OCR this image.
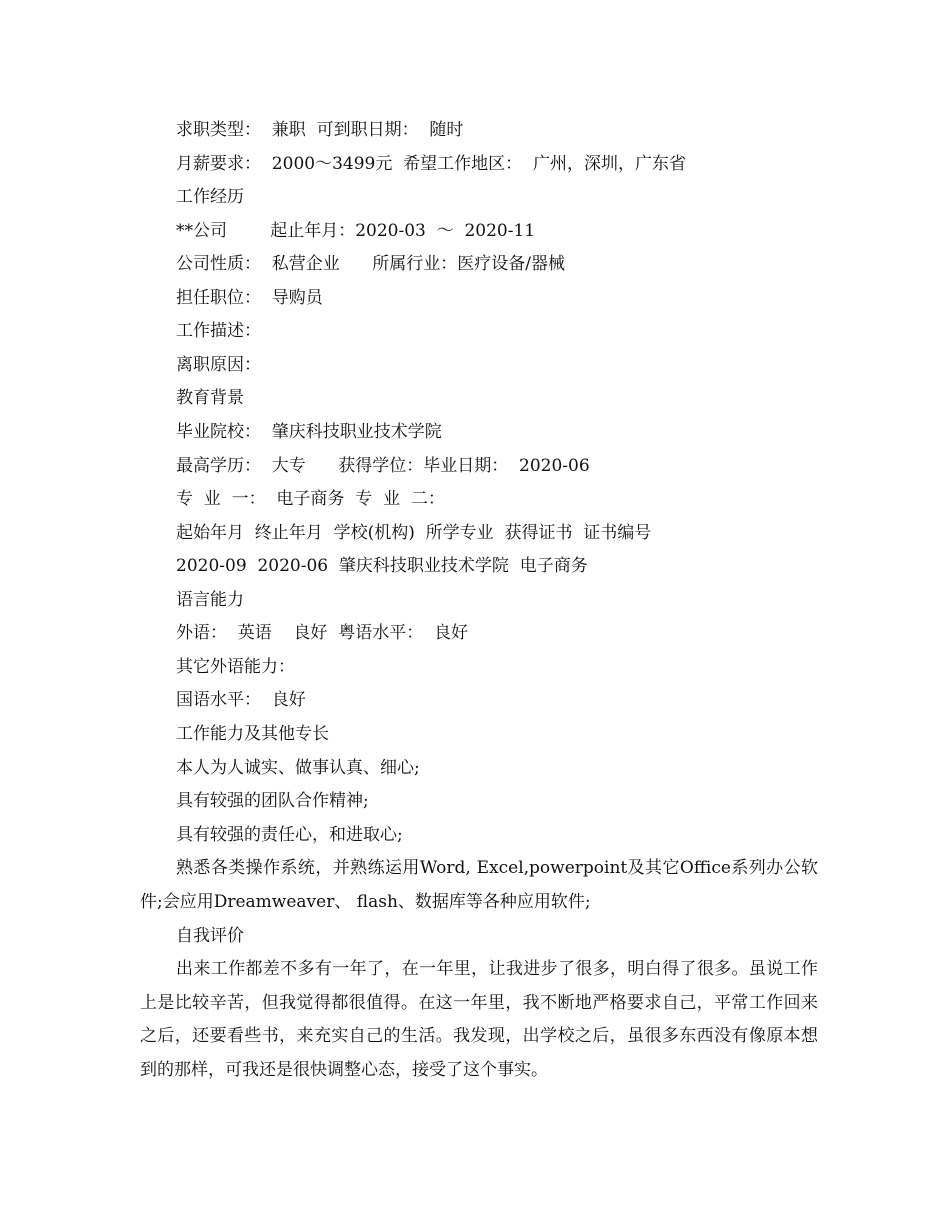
求职类型：  兼职  可到职日期：  随时
月薪要求：  2000～3499元  希望工作地区：  广州，深圳，广东省
工作经历
**公司        起止年月：2020-03  ～  2020-11
公司性质：  私营企业      所属行业：医疗设备/器械
担任职位：  导购员
工作描述：
离职原因：
教育背景
毕业院校：  肇庆科技职业技术学院
最高学历：  大专      获得学位：毕业日期：  2020-06
专  业  一：  电子商务  专  业  二：
起始年月  终止年月  学校(机构)  所学专业  获得证书  证书编号
2020-09  2020-06  肇庆科技职业技术学院  电子商务
语言能力
外语：  英语    良好  粤语水平：  良好
其它外语能力：
国语水平：  良好
工作能力及其他专长
本人为人诚实、做事认真、细心;
具有较强的团队合作精神;
具有较强的责任心，和进取心;
熟悉各类操作系统，并熟练运用Word, Excel,powerpoint及其它Office系列办公软件;会应用Dreamweaver、 flash、数据库等各种应用软件;
自我评价
出来工作都差不多有一年了，在一年里，让我进步了很多，明白得了很多。虽说工作上是比较辛苦，但我觉得都很值得。在这一年里，我不断地严格要求自己，平常工作回来之后，还要看些书，来充实自己的生活。我发现，出学校之后，虽很多东西没有像原本想到的那样，可我还是很快调整心态，接受了这个事实。
